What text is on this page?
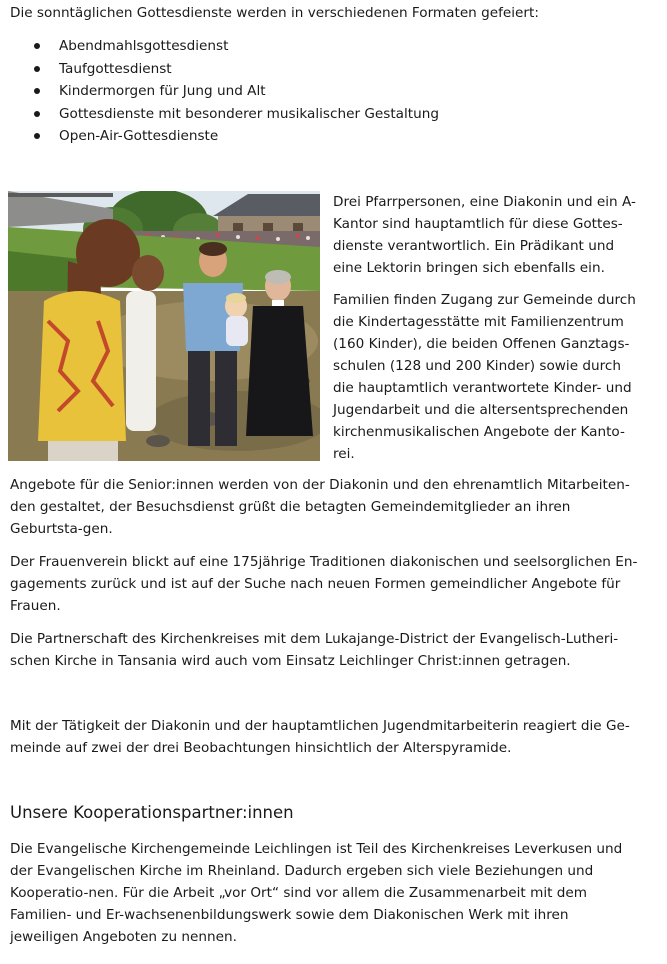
Die sonntäglichen Gottesdienste werden in verschiedenen Formaten gefeiert:

Abendmahlsgottesdienst
Taufgottesdienst
Kindermorgen für Jung und Alt
Gottesdienste mit besonderer musikalischer Gestaltung
Open-Air-Gottesdienste

Drei Pfarrpersonen, eine Diakonin und ein A-Kantor sind hauptamtlich für diese Gottes-dienste verantwortlich. Ein Prädikant und eine Lektorin bringen sich ebenfalls ein.

Familien finden Zugang zur Gemeinde durch die Kindertagesstätte mit Familienzentrum (160 Kinder), die beiden Offenen Ganztags-schulen (128 und 200 Kinder) sowie durch die hauptamtlich verantwortete Kinder- und Jugendarbeit und die altersentsprechenden kirchenmusikalischen Angebote der Kanto-rei.

Angebote für die Senior:innen werden von der Diakonin und den ehrenamtlich Mitarbeiten-den gestaltet, der Besuchsdienst grüßt die betagten Gemeindemitglieder an ihren Geburtsta-gen.

Der Frauenverein blickt auf eine 175jährige Traditionen diakonischen und seelsorglichen En-gagements zurück und ist auf der Suche nach neuen Formen gemeindlicher Angebote für Frauen.

Die Partnerschaft des Kirchenkreises mit dem Lukajange-District der Evangelisch-Lutheri-schen Kirche in Tansania wird auch vom Einsatz Leichlinger Christ:innen getragen.

Mit der Tätigkeit der Diakonin und der hauptamtlichen Jugendmitarbeiterin reagiert die Ge-meinde auf zwei der drei Beobachtungen hinsichtlich der Alterspyramide.

Unsere Kooperationspartner:innen

Die Evangelische Kirchengemeinde Leichlingen ist Teil des Kirchenkreises Leverkusen und der Evangelischen Kirche im Rheinland. Dadurch ergeben sich viele Beziehungen und Kooperatio-nen. Für die Arbeit „vor Ort“ sind vor allem die Zusammenarbeit mit dem Familien- und Er-wachsenenbildungswerk sowie dem Diakonischen Werk mit ihren jeweiligen Angeboten zu nennen.
